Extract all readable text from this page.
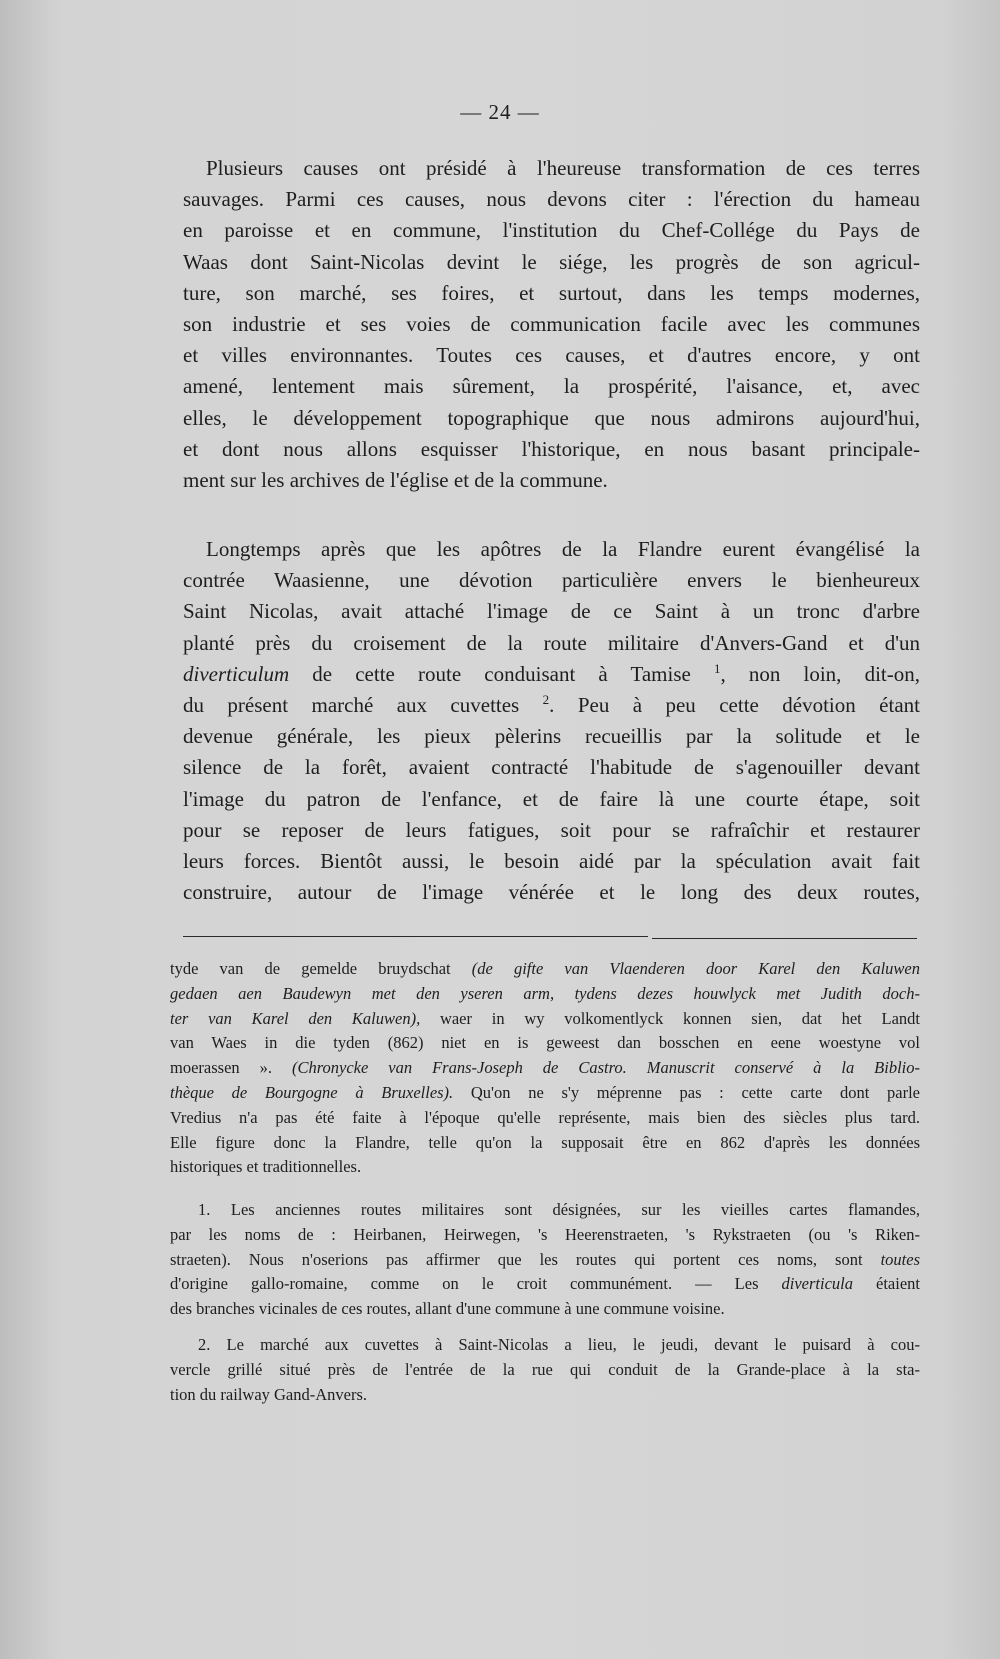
— 24 —

Plusieurs causes ont présidé à l'heureuse transformation de ces terres
sauvages. Parmi ces causes, nous devons citer : l'érection du hameau
en paroisse et en commune, l'institution du Chef-Collége du Pays de
Waas dont Saint-Nicolas devint le siége, les progrès de son agricul-
ture, son marché, ses foires, et surtout, dans les temps modernes,
son industrie et ses voies de communication facile avec les communes
et villes environnantes. Toutes ces causes, et d'autres encore, y ont
amené, lentement mais sûrement, la prospérité, l'aisance, et, avec
elles, le développement topographique que nous admirons aujourd'hui,
et dont nous allons esquisser l'historique, en nous basant principale-
ment sur les archives de l'église et de la commune.

Longtemps après que les apôtres de la Flandre eurent évangélisé la
contrée Waasienne, une dévotion particulière envers le bienheureux
Saint Nicolas, avait attaché l'image de ce Saint à un tronc d'arbre
planté près du croisement de la route militaire d'Anvers-Gand et d'un
diverticulum de cette route conduisant à Tamise $^1$, non loin, dit-on,
du présent marché aux cuvettes $^2$. Peu à peu cette dévotion étant
devenue générale, les pieux pèlerins recueillis par la solitude et le
silence de la forêt, avaient contracté l'habitude de s'agenouiller devant
l'image du patron de l'enfance, et de faire là une courte étape, soit
pour se reposer de leurs fatigues, soit pour se rafraîchir et restaurer
leurs forces. Bientôt aussi, le besoin aidé par la spéculation avait fait
construire, autour de l'image vénérée et le long des deux routes,

tyde van de gemelde bruydschat (de gifte van Vlaenderen door Karel den Kaluwen
gedaen aen Baudewyn met den yseren arm, tydens dezes houwlyck met Judith doch-
ter van Karel den Kaluwen), waer in wy volkomentlyck konnen sien, dat het Landt
van Waes in die tyden (862) niet en is geweest dan bosschen en eene woestyne vol
moerassen ». (Chronycke van Frans-Joseph de Castro. Manuscrit conservé à la Biblio-
thèque de Bourgogne à Bruxelles). Qu'on ne s'y méprenne pas : cette carte dont parle
Vredius n'a pas été faite à l'époque qu'elle représente, mais bien des siècles plus tard.
Elle figure donc la Flandre, telle qu'on la supposait être en 862 d'après les données
historiques et traditionnelles.

1. Les anciennes routes militaires sont désignées, sur les vieilles cartes flamandes,
par les noms de : Heirbanen, Heirwegen, 's Heerenstraeten, 's Rykstraeten (ou 's Riken-
straeten). Nous n'oserions pas affirmer que les routes qui portent ces noms, sont toutes
d'origine gallo-romaine, comme on le croit communément. — Les diverticula étaient
des branches vicinales de ces routes, allant d'une commune à une commune voisine.

2. Le marché aux cuvettes à Saint-Nicolas a lieu, le jeudi, devant le puisard à cou-
vercle grillé situé près de l'entrée de la rue qui conduit de la Grande-place à la sta-
tion du railway Gand-Anvers.
